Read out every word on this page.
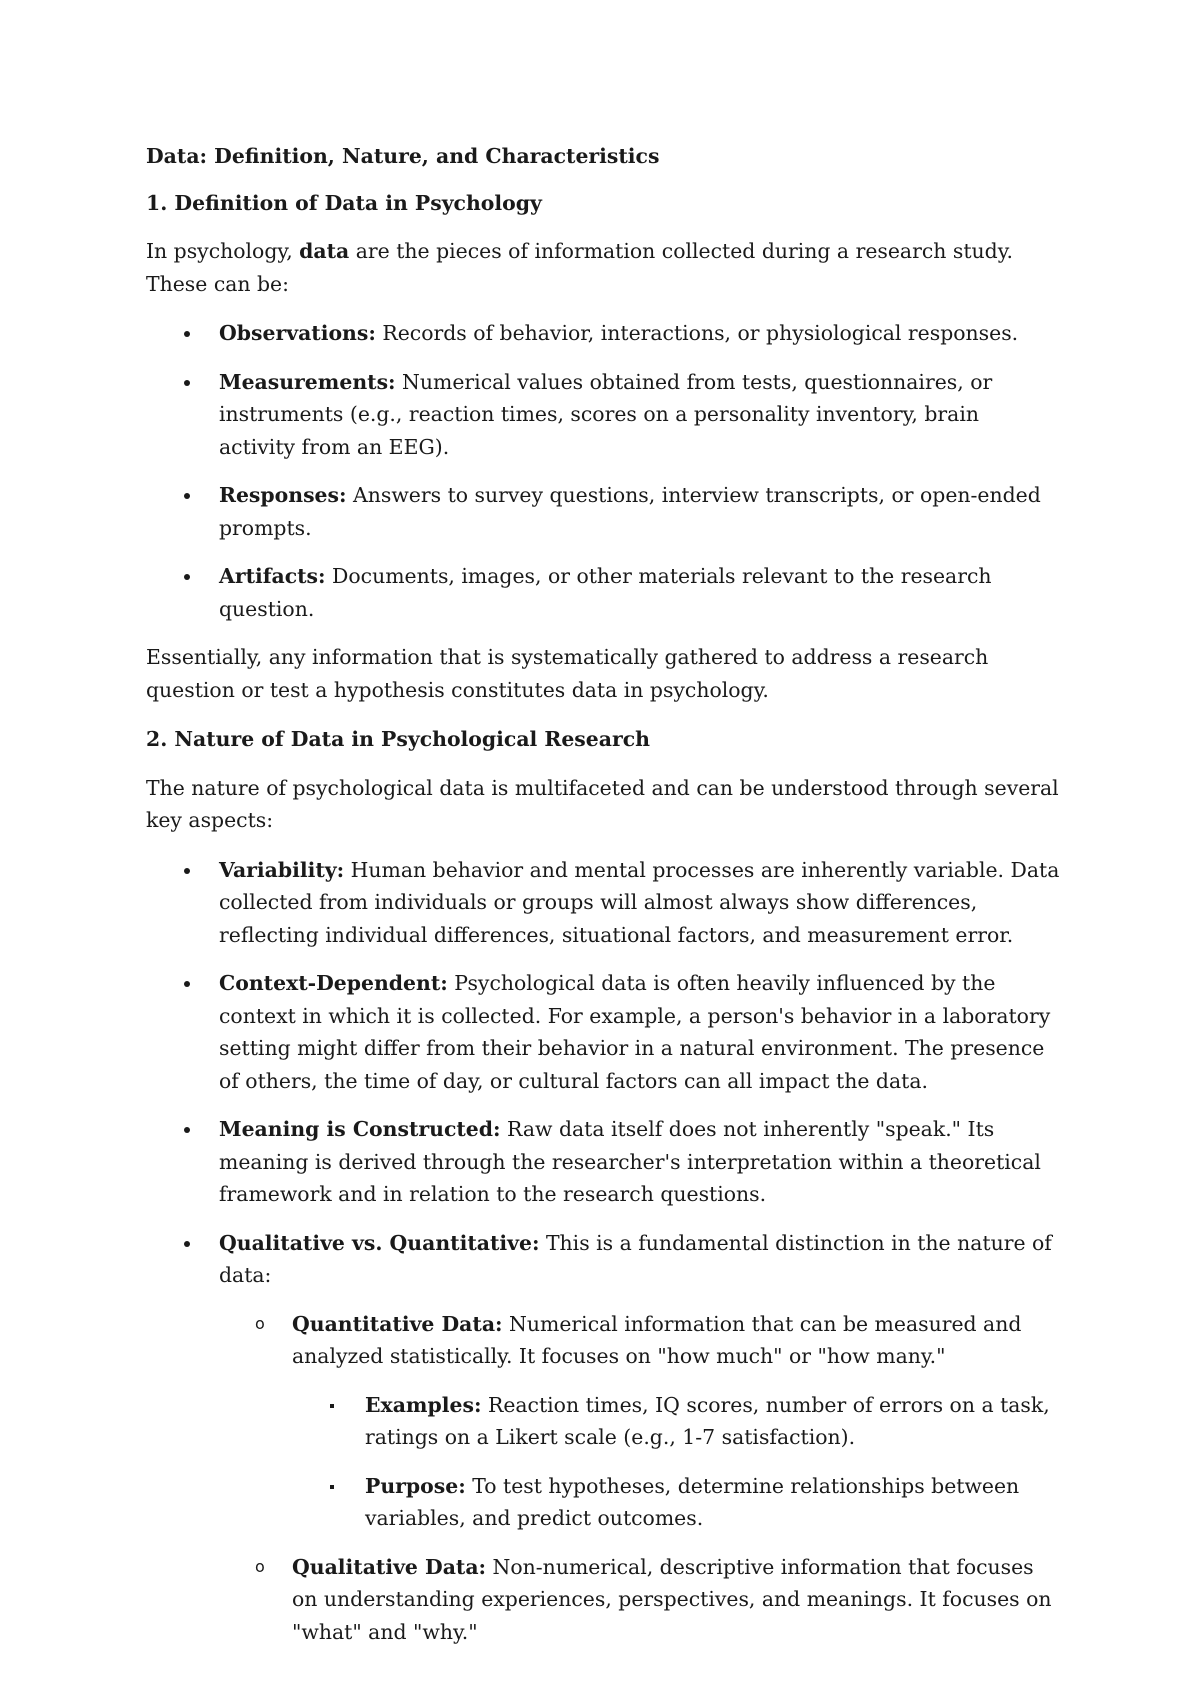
Data: Definition, Nature, and Characteristics

1. Definition of Data in Psychology

In psychology, data are the pieces of information collected during a research study. These can be:

Observations: Records of behavior, interactions, or physiological responses.
Measurements: Numerical values obtained from tests, questionnaires, or instruments (e.g., reaction times, scores on a personality inventory, brain activity from an EEG).
Responses: Answers to survey questions, interview transcripts, or open-ended prompts.
Artifacts: Documents, images, or other materials relevant to the research question.

Essentially, any information that is systematically gathered to address a research question or test a hypothesis constitutes data in psychology.

2. Nature of Data in Psychological Research

The nature of psychological data is multifaceted and can be understood through several key aspects:

Variability: Human behavior and mental processes are inherently variable. Data collected from individuals or groups will almost always show differences, reflecting individual differences, situational factors, and measurement error.
Context-Dependent: Psychological data is often heavily influenced by the context in which it is collected. For example, a person's behavior in a laboratory setting might differ from their behavior in a natural environment. The presence of others, the time of day, or cultural factors can all impact the data.
Meaning is Constructed: Raw data itself does not inherently "speak." Its meaning is derived through the researcher's interpretation within a theoretical framework and in relation to the research questions.
Qualitative vs. Quantitative: This is a fundamental distinction in the nature of data:
o Quantitative Data: Numerical information that can be measured and analyzed statistically. It focuses on "how much" or "how many."
Examples: Reaction times, IQ scores, number of errors on a task, ratings on a Likert scale (e.g., 1-7 satisfaction).
Purpose: To test hypotheses, determine relationships between variables, and predict outcomes.
o Qualitative Data: Non-numerical, descriptive information that focuses on understanding experiences, perspectives, and meanings. It focuses on "what" and "why."
